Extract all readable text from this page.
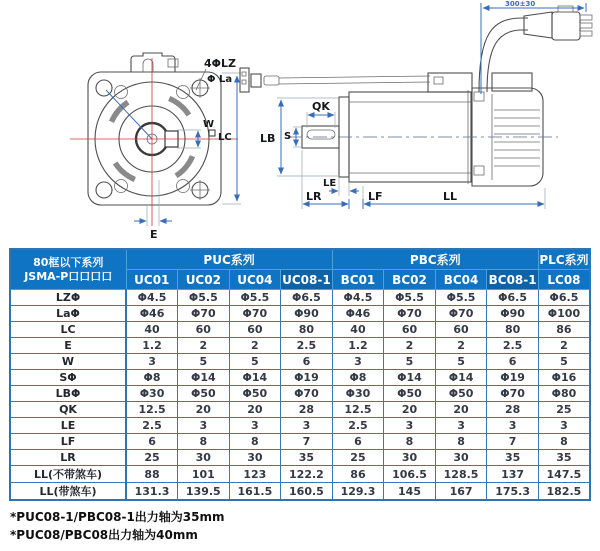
4ΦLZ
Φ La
W
LC
E
300±30
LB S
QK
LE
LR	LF	LL
80框以下系列
JSMA-P口口口口	PUC系列				PBC系列				PLC系列
	UC01	UC02	UC04	UC08-1	BC01	BC02	BC04	BC08-1	LC08
LZΦ	Φ4.5	Φ5.5	Φ5.5	Φ6.5	Φ4.5	Φ5.5	Φ5.5	Φ6.5	Φ6.5
LaΦ	Φ46	Φ70	Φ70	Φ90	Φ46	Φ70	Φ70	Φ90	Φ100
LC	40	60	60	80	40	60	60	80	86
E	1.2	2	2	2.5	1.2	2	2	2.5	2
W	3	5	5	6	3	5	5	6	5
SΦ	Φ8	Φ14	Φ14	Φ19	Φ8	Φ14	Φ14	Φ19	Φ16
LBΦ	Φ30	Φ50	Φ50	Φ70	Φ30	Φ50	Φ50	Φ70	Φ80
QK	12.5	20	20	28	12.5	20	20	28	25
LE	2.5	3	3	3	2.5	3	3	3	3
LF	6	8	8	7	6	8	8	7	8
LR	25	30	30	35	25	30	30	35	35
LL(不带煞车)	88	101	123	122.2	86	106.5	128.5	137	147.5
LL(带煞车)	131.3	139.5	161.5	160.5	129.3	145	167	175.3	182.5

*PUC08-1/PBC08-1出力轴为35mm

*PUC08/PBC08出力轴为40mm
